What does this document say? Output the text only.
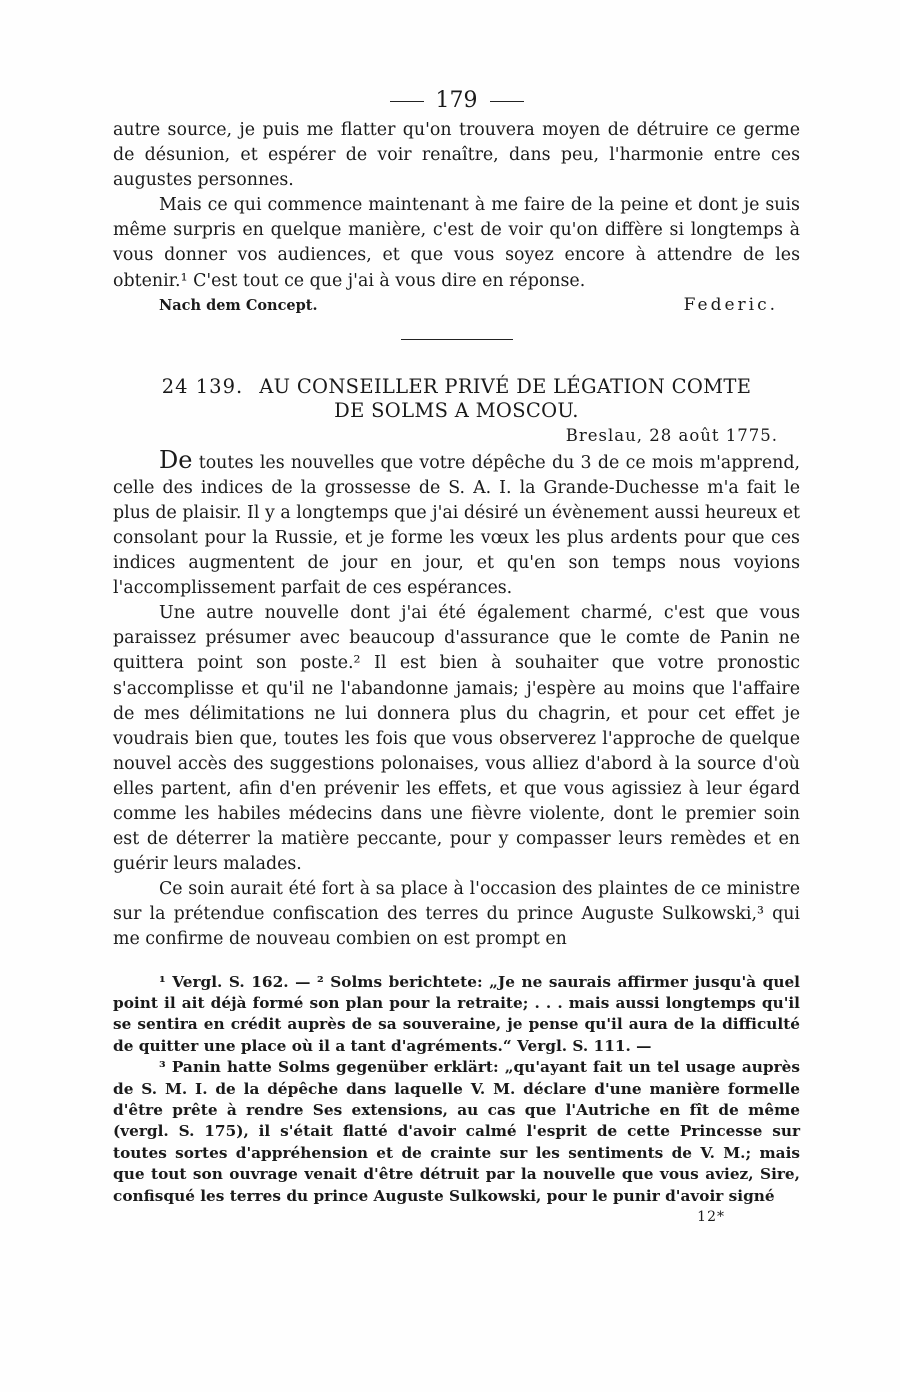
179

autre source, je puis me flatter qu'on trouvera moyen de détruire ce germe de désunion, et espérer de voir renaître, dans peu, l'harmonie entre ces augustes personnes.

Mais ce qui commence maintenant à me faire de la peine et dont je suis même surpris en quelque manière, c'est de voir qu'on diffère si longtemps à vous donner vos audiences, et que vous soyez encore à attendre de les obtenir.¹ C'est tout ce que j'ai à vous dire en réponse.

Nach dem Concept.	Federic.
24 139. AU CONSEILLER PRIVÉ DE LÉGATION COMTE
DE SOLMS A MOSCOU.
Breslau, 28 août 1775.

De toutes les nouvelles que votre dépêche du 3 de ce mois m'apprend, celle des indices de la grossesse de S. A. I. la Grande-Duchesse m'a fait le plus de plaisir. Il y a longtemps que j'ai désiré un évènement aussi heureux et consolant pour la Russie, et je forme les vœux les plus ardents pour que ces indices augmentent de jour en jour, et qu'en son temps nous voyions l'accomplissement parfait de ces espérances.

Une autre nouvelle dont j'ai été également charmé, c'est que vous paraissez présumer avec beaucoup d'assurance que le comte de Panin ne quittera point son poste.² Il est bien à souhaiter que votre pronostic s'accomplisse et qu'il ne l'abandonne jamais; j'espère au moins que l'affaire de mes délimitations ne lui donnera plus du chagrin, et pour cet effet je voudrais bien que, toutes les fois que vous observerez l'approche de quelque nouvel accès des suggestions polonaises, vous alliez d'abord à la source d'où elles partent, afin d'en prévenir les effets, et que vous agissiez à leur égard comme les habiles médecins dans une fièvre violente, dont le premier soin est de déterrer la matière peccante, pour y compasser leurs remèdes et en guérir leurs malades.

Ce soin aurait été fort à sa place à l'occasion des plaintes de ce ministre sur la prétendue confiscation des terres du prince Auguste Sulkowski,³ qui me confirme de nouveau combien on est prompt en

¹ Vergl. S. 162. — ² Solms berichtete: „Je ne saurais affirmer jusqu'à quel point il ait déjà formé son plan pour la retraite; . . . mais aussi longtemps qu'il se sentira en crédit auprès de sa souveraine, je pense qu'il aura de la difficulté de quitter une place où il a tant d'agréments.“ Vergl. S. 111. —

³ Panin hatte Solms gegenüber erklärt: „qu'ayant fait un tel usage auprès de S. M. I. de la dépêche dans laquelle V. M. déclare d'une manière formelle d'être prête à rendre Ses extensions, au cas que l'Autriche en fît de même (vergl. S. 175), il s'était flatté d'avoir calmé l'esprit de cette Princesse sur toutes sortes d'appréhension et de crainte sur les sentiments de V. M.; mais que tout son ouvrage venait d'être détruit par la nouvelle que vous aviez, Sire, confisqué les terres du prince Auguste Sulkowski, pour le punir d'avoir signé

12*
